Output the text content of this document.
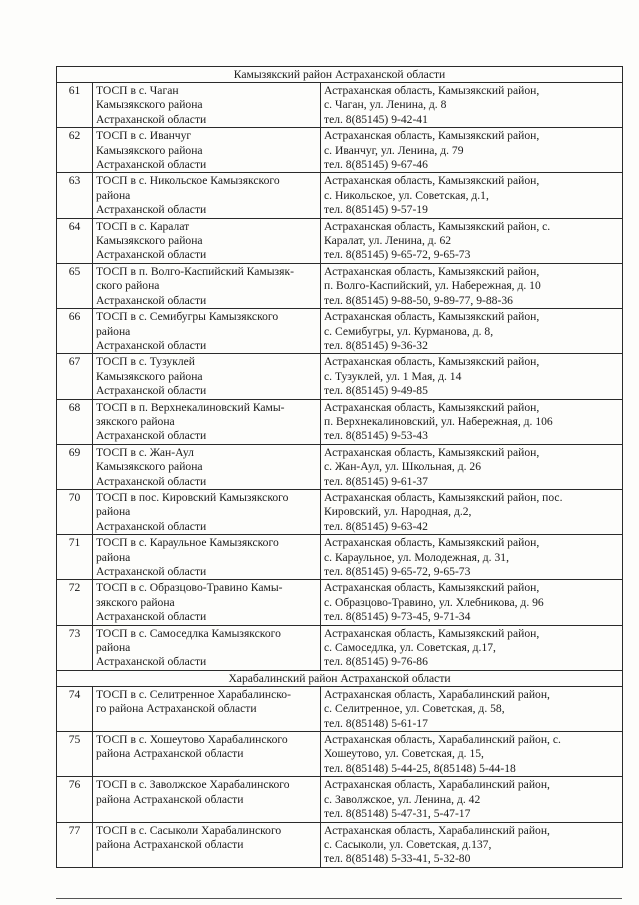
Камызякский район Астраханской области		
61	ТОСП в с. Чаган
Камызякского района
Астраханской области	Астраханская область, Камызякский район,
с. Чаган, ул. Ленина, д. 8
тел. 8(85145) 9-42-41

62	ТОСП в с. Иванчуг
Камызякского района
Астраханской области	Астраханская область, Камызякский район,
с. Иванчуг, ул. Ленина, д. 79
тел. 8(85145) 9-67-46

63	ТОСП в с. Никольское Камызякского
района
Астраханской области	Астраханская область, Камызякский район,
с. Никольское, ул. Советская, д.1,
тел. 8(85145) 9-57-19

64	ТОСП в с. Каралат
Камызякского района
Астраханской области	Астраханская область, Камызякский район, с.
Каралат, ул. Ленина, д. 62
тел. 8(85145) 9-65-72, 9-65-73

65	ТОСП в п. Волго-Каспийский Камызяк-
ского района
Астраханской области	Астраханская область, Камызякский район,
п. Волго-Каспийский, ул. Набережная, д. 10
тел. 8(85145) 9-88-50, 9-89-77, 9-88-36

66	ТОСП в с. Семибугры Камызякского
района
Астраханской области	Астраханская область, Камызякский район,
с. Семибугры, ул. Курманова, д. 8,
тел. 8(85145) 9-36-32

67	ТОСП в с. Тузуклей
Камызякского района
Астраханской области	Астраханская область, Камызякский район,
с. Тузуклей, ул. 1 Мая, д. 14
тел. 8(85145) 9-49-85

68	ТОСП в п. Верхнекалиновский Камы-
зякского района
Астраханской области	Астраханская область, Камызякский район,
п. Верхнекалиновский, ул. Набережная, д. 106
тел. 8(85145) 9-53-43

69	ТОСП в с. Жан-Аул
Камызякского района
Астраханской области	Астраханская область, Камызякский район,
с. Жан-Аул, ул. Школьная, д. 26
тел. 8(85145) 9-61-37

70	ТОСП в пос. Кировский Камызякского
района
Астраханской области	Астраханская область, Камызякский район, пос.
Кировский, ул. Народная, д.2,
тел. 8(85145) 9-63-42

71	ТОСП в с. Караульное Камызякского
района
Астраханской области	Астраханская область, Камызякский район,
с. Караульное, ул. Молодежная, д. 31,
тел. 8(85145) 9-65-72, 9-65-73

72	ТОСП в с. Образцово-Травино Камы-
зякского района
Астраханской области	Астраханская область, Камызякский район,
с. Образцово-Травино, ул. Хлебникова, д. 96
тел. 8(85145) 9-73-45, 9-71-34

73	ТОСП в с. Самоседлка Камызякского
района
Астраханской области	Астраханская область, Камызякский район,
с. Самоседлка, ул. Советская, д.17,
тел. 8(85145) 9-76-86

Харабалинский район Астраханской области		
74	ТОСП в с. Селитренное Харабалинско-
го района Астраханской области	Астраханская область, Харабалинский район,
с. Селитренное, ул. Советская, д. 58,
тел. 8(85148) 5-61-17

75	ТОСП в с. Хошеутово Харабалинского
района Астраханской области	Астраханская область, Харабалинский район, с.
Хошеутово, ул. Советская, д. 15,
тел. 8(85148) 5-44-25, 8(85148) 5-44-18

76	ТОСП в с. Заволжское Харабалинского
района Астраханской области	Астраханская область, Харабалинский район,
с. Заволжское, ул. Ленина, д. 42
тел. 8(85148) 5-47-31, 5-47-17

77	ТОСП в с. Сасыколи Харабалинского
района Астраханской области	Астраханская область, Харабалинский район,
с. Сасыколи, ул. Советская, д.137,
тел. 8(85148) 5-33-41, 5-32-80
